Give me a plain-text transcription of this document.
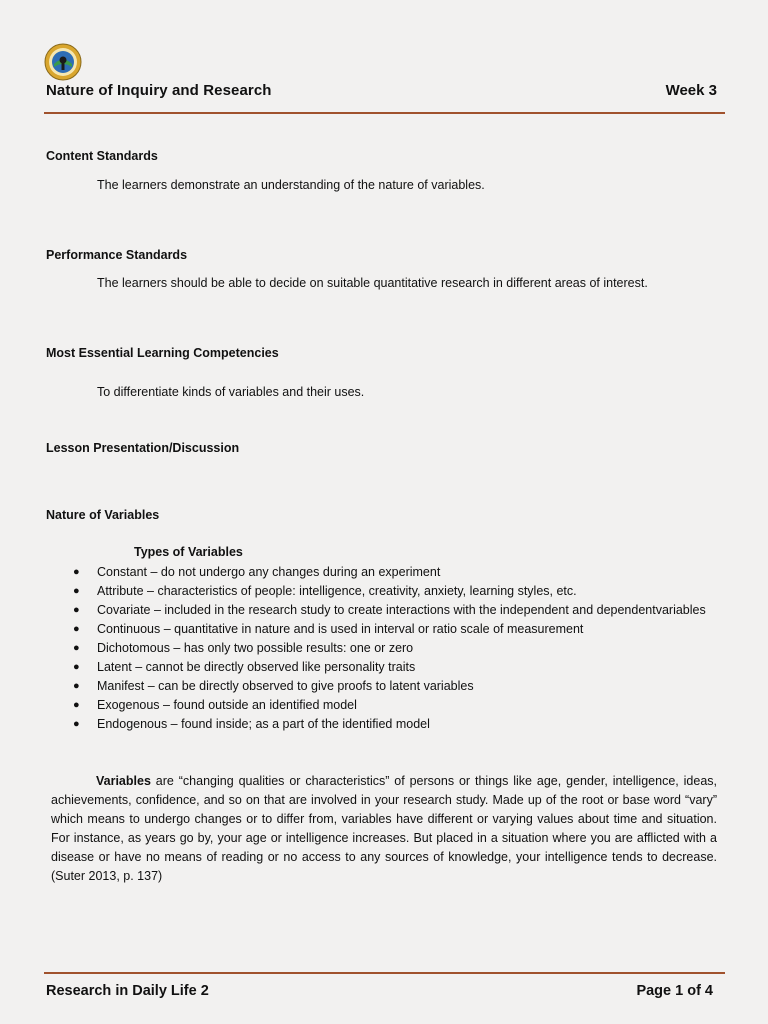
Nature of Inquiry and Research	Week 3
Content Standards
The learners demonstrate an understanding of the nature of variables.
Performance Standards
The learners should be able to decide on suitable quantitative research in different areas of interest.
Most Essential Learning Competencies
To differentiate kinds of variables and their uses.
Lesson Presentation/Discussion
Nature of Variables
Types of Variables
● Constant – do not undergo any changes during an experiment
● Attribute – characteristics of people: intelligence, creativity, anxiety, learning styles, etc.
● Covariate – included in the research study to create interactions with the independent and dependentvariables
● Continuous – quantitative in nature and is used in interval or ratio scale of measurement
● Dichotomous – has only two possible results: one or zero
● Latent – cannot be directly observed like personality traits
● Manifest – can be directly observed to give proofs to latent variables
● Exogenous – found outside an identified model
● Endogenous – found inside; as a part of the identified model

Variables are “changing qualities or characteristics” of persons or things like age, gender, intelligence, ideas, achievements, confidence, and so on that are involved in your research study. Made up of the root or base word “vary” which means to undergo changes or to differ from, variables have different or varying values about time and situation. For instance, as years go by, your age or intelligence increases. But placed in a situation where you are afflicted with a disease or have no means of reading or no access to any sources of knowledge, your intelligence tends to decrease. (Suter 2013, p. 137)

Research in Daily Life 2	Page 1 of 4
